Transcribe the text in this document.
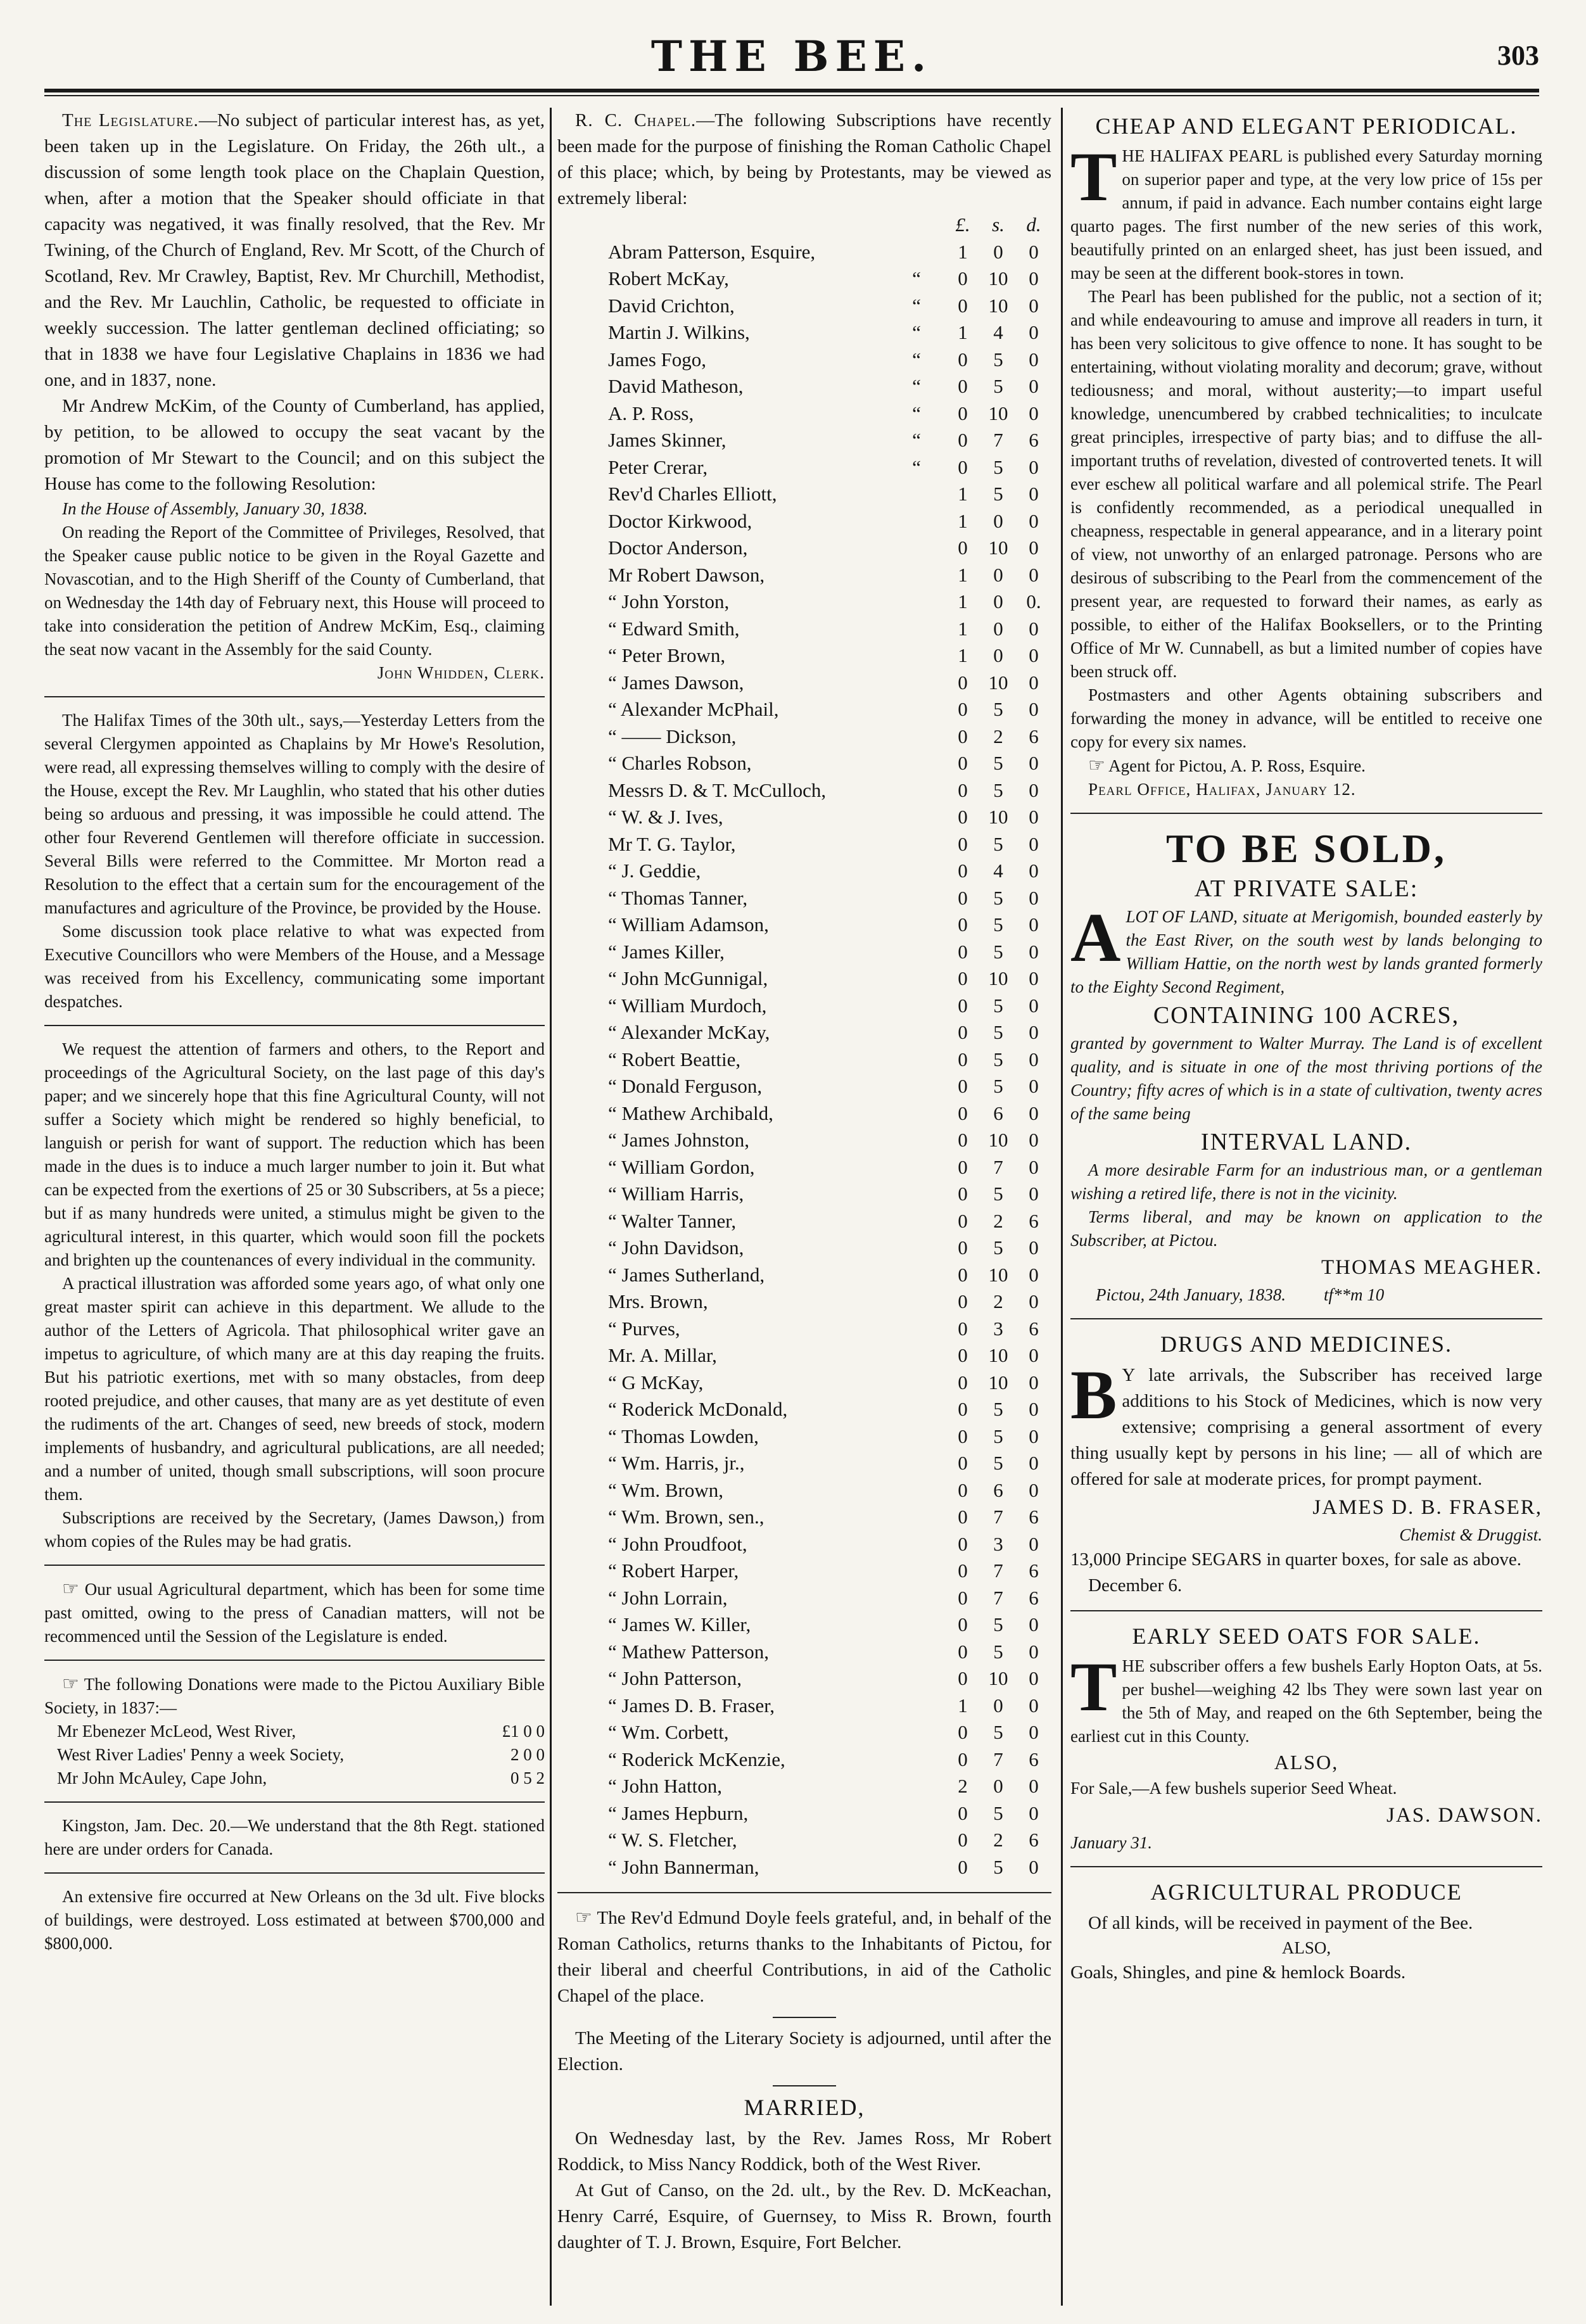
THE BEE.	303

The Legislature.—No subject of particular interest has, as yet, been taken up in the Legislature. On Friday, the 26th ult., a discussion of some length took place on the Chaplain Question, when, after a motion that the Speaker should officiate in that capacity was negatived, it was finally resolved, that the Rev. Mr Twining, of the Church of England, Rev. Mr Scott, of the Church of Scotland, Rev. Mr Crawley, Baptist, Rev. Mr Churchill, Methodist, and the Rev. Mr Lauchlin, Catholic, be requested to officiate in weekly succession. The latter gentleman declined officiating; so that in 1838 we have four Legislative Chaplains in 1836 we had one, and in 1837, none.

Mr Andrew McKim, of the County of Cumberland, has applied, by petition, to be allowed to occupy the seat vacant by the promotion of Mr Stewart to the Council; and on this subject the House has come to the following Resolution:

In the House of Assembly, January 30, 1838.

On reading the Report of the Committee of Privileges, Resolved, that the Speaker cause public notice to be given in the Royal Gazette and Novascotian, and to the High Sheriff of the County of Cumberland, that on Wednesday the 14th day of February next, this House will proceed to take into consideration the petition of Andrew McKim, Esq., claiming the seat now vacant in the Assembly for the said County.

John Whidden, Clerk.

The Halifax Times of the 30th ult., says,—Yesterday Letters from the several Clergymen appointed as Chaplains by Mr Howe's Resolution, were read, all expressing themselves willing to comply with the desire of the House, except the Rev. Mr Laughlin, who stated that his other duties being so arduous and pressing, it was impossible he could attend. The other four Reverend Gentlemen will therefore officiate in succession. Several Bills were referred to the Committee. Mr Morton read a Resolution to the effect that a certain sum for the encouragement of the manufactures and agriculture of the Province, be provided by the House.

Some discussion took place relative to what was expected from Executive Councillors who were Members of the House, and a Message was received from his Excellency, communicating some important despatches.

We request the attention of farmers and others, to the Report and proceedings of the Agricultural Society, on the last page of this day's paper; and we sincerely hope that this fine Agricultural County, will not suffer a Society which might be rendered so highly beneficial, to languish or perish for want of support. The reduction which has been made in the dues is to induce a much larger number to join it. But what can be expected from the exertions of 25 or 30 Subscribers, at 5s a piece; but if as many hundreds were united, a stimulus might be given to the agricultural interest, in this quarter, which would soon fill the pockets and brighten up the countenances of every individual in the community.

A practical illustration was afforded some years ago, of what only one great master spirit can achieve in this department. We allude to the author of the Letters of Agricola. That philosophical writer gave an impetus to agriculture, of which many are at this day reaping the fruits. But his patriotic exertions, met with so many obstacles, from deep rooted prejudice, and other causes, that many are as yet destitute of even the rudiments of the art. Changes of seed, new breeds of stock, modern implements of husbandry, and agricultural publications, are all needed; and a number of united, though small subscriptions, will soon procure them.

Subscriptions are received by the Secretary, (James Dawson,) from whom copies of the Rules may be had gratis.

☞ Our usual Agricultural department, which has been for some time past omitted, owing to the press of Canadian matters, will not be recommenced until the Session of the Legislature is ended.

☞ The following Donations were made to the Pictou Auxiliary Bible Society, in 1837:—

Mr Ebenezer McLeod, West River,	£1 0 0
West River Ladies' Penny a week Society,	2 0 0
Mr John McAuley, Cape John,	0 5 2

Kingston, Jam. Dec. 20.—We understand that the 8th Regt. stationed here are under orders for Canada.

An extensive fire occurred at New Orleans on the 3d ult. Five blocks of buildings, were destroyed. Loss estimated at between $700,000 and $800,000.

R. C. Chapel.—The following Subscriptions have recently been made for the purpose of finishing the Roman Catholic Chapel of this place; which, by being by Protestants, may be viewed as extremely liberal:

£.	s.	d.
Abram Patterson, Esquire,	1	0	0
Robert McKay,	“	0	10	0
David Crichton,	“	0	10	0
Martin J. Wilkins,	“	1	4	0
James Fogo,	“	0	5	0
David Matheson,	“	0	5	0
A. P. Ross,	“	0	10	0
James Skinner,	“	0	7	6
Peter Crerar,	“	0	5	0
Rev'd Charles Elliott,	1	5	0
Doctor Kirkwood,	1	0	0
Doctor Anderson,	0	10	0
Mr Robert Dawson,	1	0	0
“ John Yorston,	1	0	0.
“ Edward Smith,	1	0	0
“ Peter Brown,	1	0	0
“ James Dawson,	0	10	0
“ Alexander McPhail,	0	5	0
“ —— Dickson,	0	2	6
“ Charles Robson,	0	5	0
Messrs D. & T. McCulloch,	0	5	0
“ W. & J. Ives,	0	10	0
Mr T. G. Taylor,	0	5	0
“ J. Geddie,	0	4	0
“ Thomas Tanner,	0	5	0
“ William Adamson,	0	5	0
“ James Killer,	0	5	0
“ John McGunnigal,	0	10	0
“ William Murdoch,	0	5	0
“ Alexander McKay,	0	5	0
“ Robert Beattie,	0	5	0
“ Donald Ferguson,	0	5	0
“ Mathew Archibald,	0	6	0
“ James Johnston,	0	10	0
“ William Gordon,	0	7	0
“ William Harris,	0	5	0
“ Walter Tanner,	0	2	6
“ John Davidson,	0	5	0
“ James Sutherland,	0	10	0
Mrs. Brown,	0	2	0
“ Purves,	0	3	6
Mr. A. Millar,	0	10	0
“ G McKay,	0	10	0
“ Roderick McDonald,	0	5	0
“ Thomas Lowden,	0	5	0
“ Wm. Harris, jr.,	0	5	0
“ Wm. Brown,	0	6	0
“ Wm. Brown, sen.,	0	7	6
“ John Proudfoot,	0	3	0
“ Robert Harper,	0	7	6
“ John Lorrain,	0	7	6
“ James W. Killer,	0	5	0
“ Mathew Patterson,	0	5	0
“ John Patterson,	0	10	0
“ James D. B. Fraser,	1	0	0
“ Wm. Corbett,	0	5	0
“ Roderick McKenzie,	0	7	6
“ John Hatton,	2	0	0
“ James Hepburn,	0	5	0
“ W. S. Fletcher,	0	2	6
“ John Bannerman,	0	5	0

☞ The Rev'd Edmund Doyle feels grateful, and, in behalf of the Roman Catholics, returns thanks to the Inhabitants of Pictou, for their liberal and cheerful Contributions, in aid of the Catholic Chapel of the place.

The Meeting of the Literary Society is adjourned, until after the Election.

MARRIED,

On Wednesday last, by the Rev. James Ross, Mr Robert Roddick, to Miss Nancy Roddick, both of the West River.

At Gut of Canso, on the 2d. ult., by the Rev. D. McKeachan, Henry Carré, Esquire, of Guernsey, to Miss R. Brown, fourth daughter of T. J. Brown, Esquire, Fort Belcher.

CHEAP AND ELEGANT PERIODICAL.

THE HALIFAX PEARL is published every Saturday morning on superior paper and type, at the very low price of 15s per annum, if paid in advance. Each number contains eight large quarto pages. The first number of the new series of this work, beautifully printed on an enlarged sheet, has just been issued, and may be seen at the different book-stores in town.

The Pearl has been published for the public, not a section of it; and while endeavouring to amuse and improve all readers in turn, it has been very solicitous to give offence to none. It has sought to be entertaining, without violating morality and decorum; grave, without tediousness; and moral, without austerity;—to impart useful knowledge, unencumbered by crabbed technicalities; to inculcate great principles, irrespective of party bias; and to diffuse the all-important truths of revelation, divested of controverted tenets. It will ever eschew all political warfare and all polemical strife. The Pearl is confidently recommended, as a periodical unequalled in cheapness, respectable in general appearance, and in a literary point of view, not unworthy of an enlarged patronage. Persons who are desirous of subscribing to the Pearl from the commencement of the present year, are requested to forward their names, as early as possible, to either of the Halifax Booksellers, or to the Printing Office of Mr W. Cunnabell, as but a limited number of copies have been struck off.

Postmasters and other Agents obtaining subscribers and forwarding the money in advance, will be entitled to receive one copy for every six names.

☞ Agent for Pictou, A. P. Ross, Esquire.

Pearl Office, Halifax, January 12.

TO BE SOLD,

AT PRIVATE SALE:

ALOT OF LAND, situate at Merigomish, bounded easterly by the East River, on the south west by lands belonging to William Hattie, on the north west by lands granted formerly to the Eighty Second Regiment,

CONTAINING 100 ACRES,

granted by government to Walter Murray. The Land is of excellent quality, and is situate in one of the most thriving portions of the Country; fifty acres of which is in a state of cultivation, twenty acres of the same being

INTERVAL LAND.

A more desirable Farm for an industrious man, or a gentleman wishing a retired life, there is not in the vicinity.

Terms liberal, and may be known on application to the Subscriber, at Pictou.

THOMAS MEAGHER.

Pictou, 24th January, 1838. tf**m 10

DRUGS AND MEDICINES.

B Y late arrivals, the Subscriber has received large additions to his Stock of Medicines, which is now very extensive; comprising a general assortment of every thing usually kept by persons in his line; — all of which are offered for sale at moderate prices, for prompt payment.

JAMES D. B. FRASER,

Chemist & Druggist.

13,000 Principe SEGARS in quarter boxes, for sale as above.

December 6.

EARLY SEED OATS FOR SALE.

THE subscriber offers a few bushels Early Hopton Oats, at 5s. per bushel—weighing 42 lbs They were sown last year on the 5th of May, and reaped on the 6th September, being the earliest cut in this County.

ALSO,

For Sale,—A few bushels superior Seed Wheat.

JAS. DAWSON.

January 31.

AGRICULTURAL PRODUCE

Of all kinds, will be received in payment of the Bee.

ALSO,

Goals, Shingles, and pine & hemlock Boards.
